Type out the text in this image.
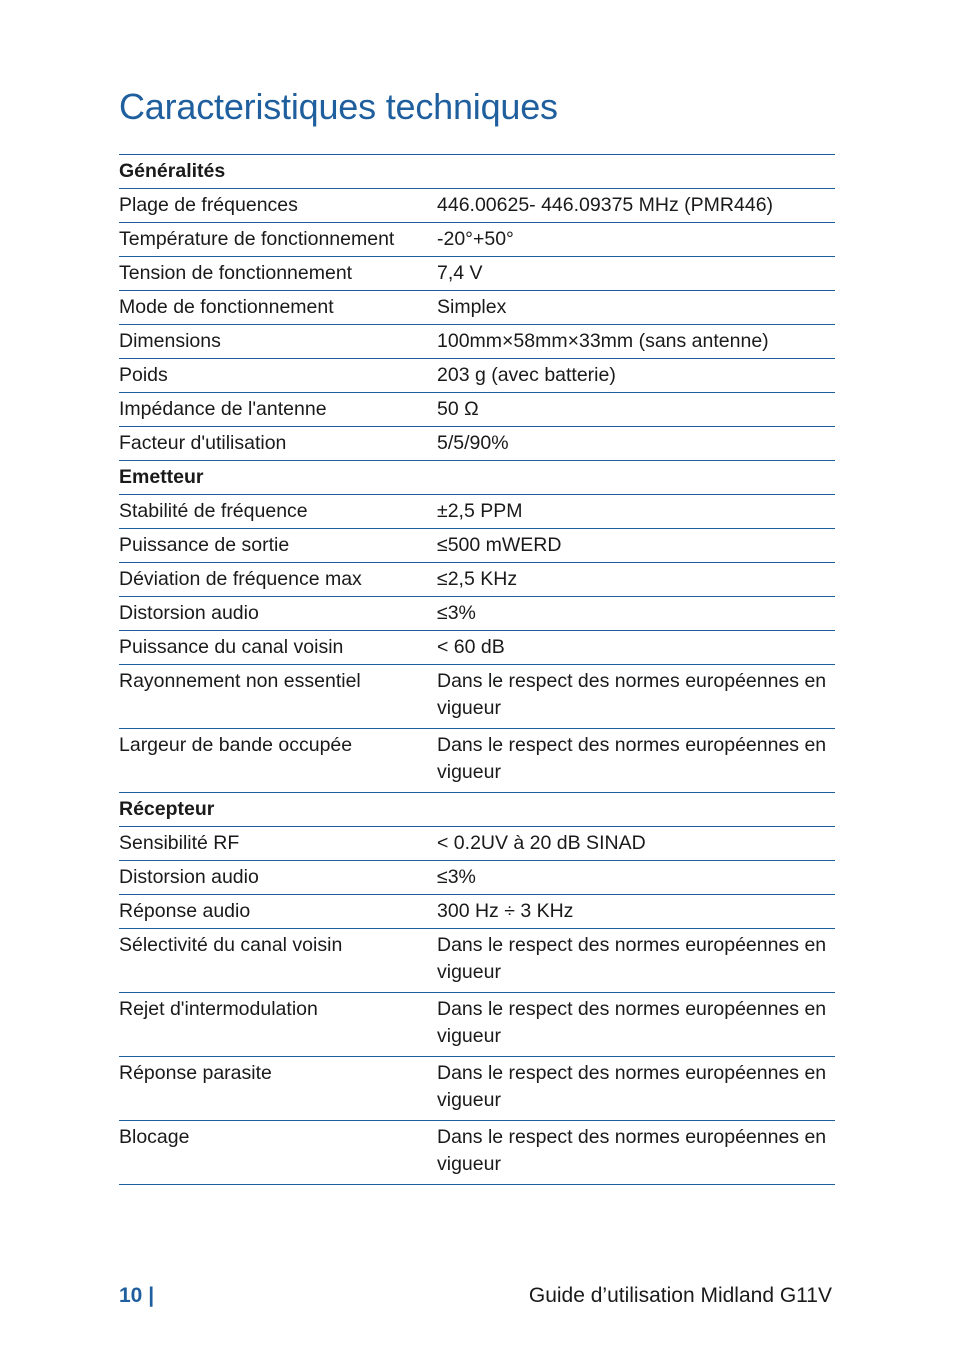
Caracteristiques techniques
Généralités
Plage de fréquences	446.00625- 446.09375 MHz (PMR446)
Température de fonctionnement	-20°+50°
Tension de fonctionnement	7,4 V
Mode de fonctionnement	Simplex
Dimensions	100mm×58mm×33mm (sans antenne)
Poids	203 g (avec batterie)
Impédance de l'antenne	50 Ω
Facteur d'utilisation	5/5/90%
Emetteur
Stabilité de fréquence	±2,5 PPM
Puissance de sortie	≤500 mWERD
Déviation de fréquence max	≤2,5 KHz
Distorsion audio	≤3%
Puissance du canal voisin	< 60 dB
Rayonnement non essentiel	Dans le respect des normes européennes en vigueur
Largeur de bande occupée	Dans le respect des normes européennes en vigueur
Récepteur
Sensibilité RF	< 0.2UV à 20 dB SINAD
Distorsion audio	≤3%
Réponse audio	300 Hz ÷ 3 KHz
Sélectivité du canal voisin	Dans le respect des normes européennes en vigueur
Rejet d'intermodulation	Dans le respect des normes européennes en vigueur
Réponse parasite	Dans le respect des normes européennes en vigueur
Blocage	Dans le respect des normes européennes en vigueur
10 |	Guide d’utilisation Midland G11V
